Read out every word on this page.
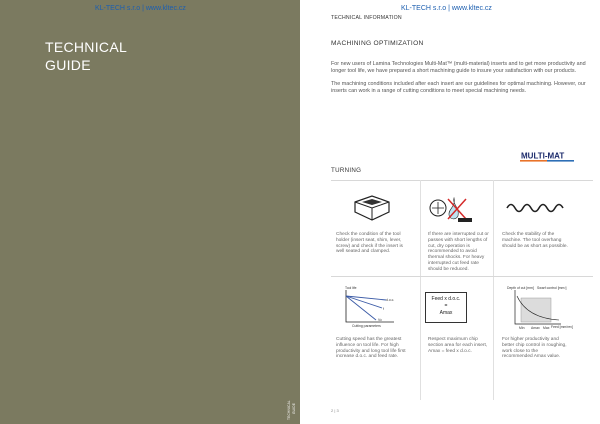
KL-TECH s.r.o | www.kltec.cz
TECHNICAL
GUIDE
TECHNICAL GUIDE
KL-TECH s.r.o | www.kltec.cz
TECHNICAL INFORMATION
MACHINING OPTIMIZATION

For new users of Lamina Technologies Multi-Mat™ (multi-material) inserts and to get more productivity and longer tool life, we have prepared a short machining guide to insure your satisfaction with our products.

The machining conditions included after each insert are our guidelines for optimal machining. However, our inserts can work in a range of cutting conditions to meet special machining needs.

MULTI-MAT
TURNING
Check the condition of the tool holder (insert seat, shim, lever, screw) and check if the insert is well seated and clamped.
If there are interrupted cut or passes with short lengths of cut, dry operation is recommended to avoid thermal shocks. For heavy interrupted cut feed rate should be reduced.
Check the stability of the machine. The tool overhang should be as short as possible.
Tool life
d.o.c.
f
Vc
Cutting parameters
Feed x d.o.c.
=
Amax
Depth of cut [mm] Swarf control [mm²]
Min Amax Max Feed [mm/rev]
Cutting speed has the greatest influence on tool life. For high productivity and long tool life first increase d.o.c. and feed rate.
Respect maximum chip section area for each insert, Amax = feed x d.o.c.
For higher productivity and better chip control in roughing, work close to the recommended Amax value.
2 | 3
